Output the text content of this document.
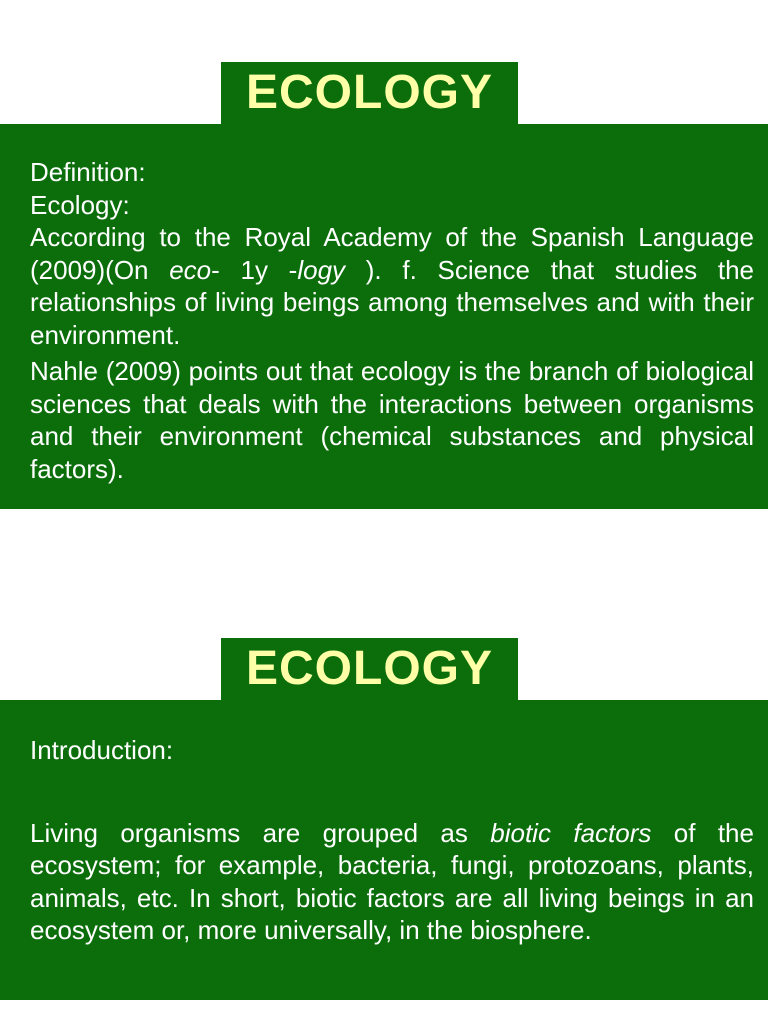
ECOLOGY

Definition:

Ecology:

According to the Royal Academy of the Spanish Language (2009)(On eco- 1y -logy ). f. Science that studies the relationships of living beings among themselves and with their environment.

Nahle (2009) points out that ecology is the branch of biological sciences that deals with the interactions between organisms and their environment (chemical substances and physical factors).

ECOLOGY

Introduction:

Living organisms are grouped as biotic factors of the ecosystem; for example, bacteria, fungi, protozoans, plants, animals, etc. In short, biotic factors are all living beings in an ecosystem or, more universally, in the biosphere.
